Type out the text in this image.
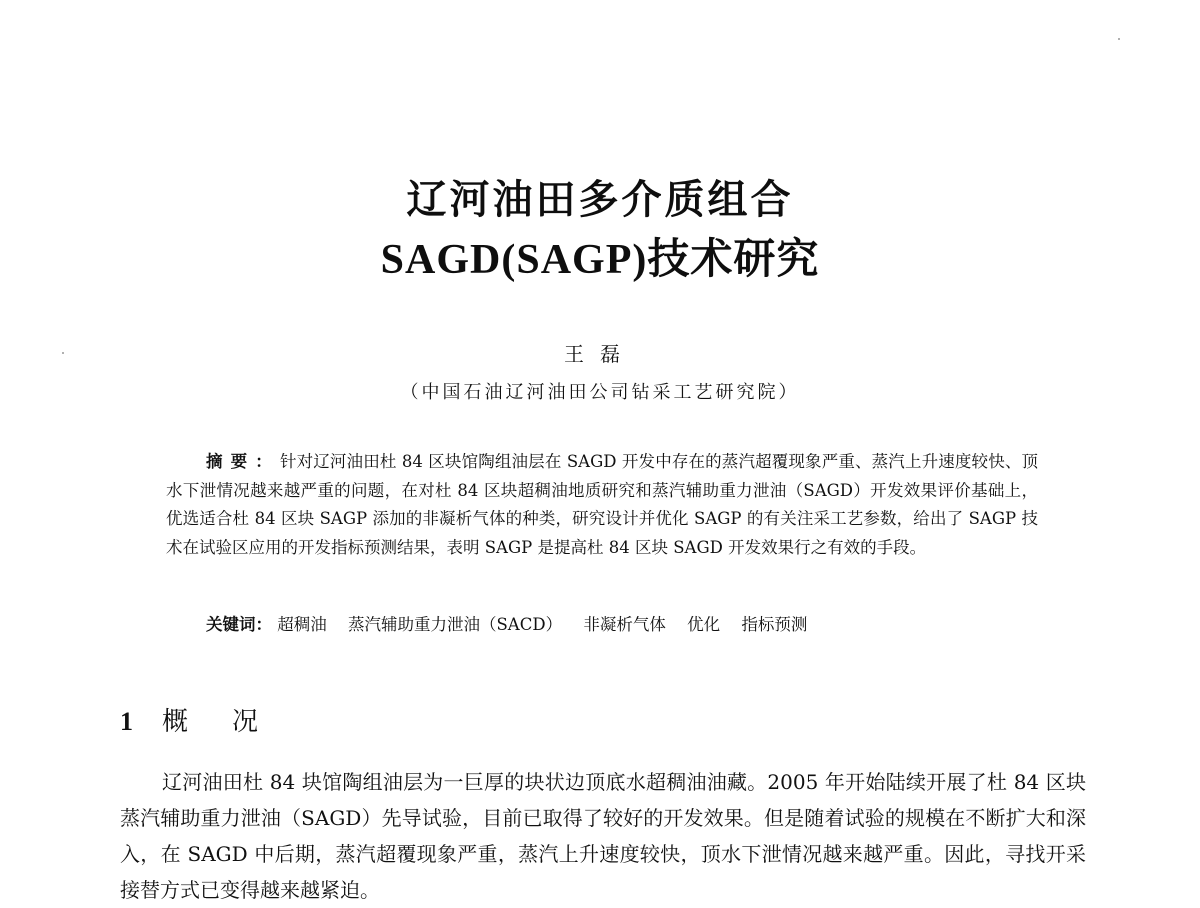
辽河油田多介质组合
SAGD(SAGP)技术研究
王磊
（中国石油辽河油田公司钻采工艺研究院）

摘要：针对辽河油田杜 84 区块馆陶组油层在 SAGD 开发中存在的蒸汽超覆现象严重、蒸汽上升速度较快、顶水下泄情况越来越严重的问题，在对杜 84 区块超稠油地质研究和蒸汽辅助重力泄油（SAGD）开发效果评价基础上，优选适合杜 84 区块 SAGP 添加的非凝析气体的种类，研究设计并优化 SAGP 的有关注采工艺参数，给出了 SAGP 技术在试验区应用的开发指标预测结果，表明 SAGP 是提高杜 84 区块 SAGD 开发效果行之有效的手段。

关键词： 超稠油 蒸汽辅助重力泄油（SACD） 非凝析气体 优化 指标预测
1 概况

辽河油田杜 84 块馆陶组油层为一巨厚的块状边顶底水超稠油油藏。2005 年开始陆续开展了杜 84 区块蒸汽辅助重力泄油（SAGD）先导试验，目前已取得了较好的开发效果。但是随着试验的规模在不断扩大和深入，在 SAGD 中后期，蒸汽超覆现象严重，蒸汽上升速度较快，顶水下泄情况越来越严重。因此，寻找开采接替方式已变得越来越紧迫。
